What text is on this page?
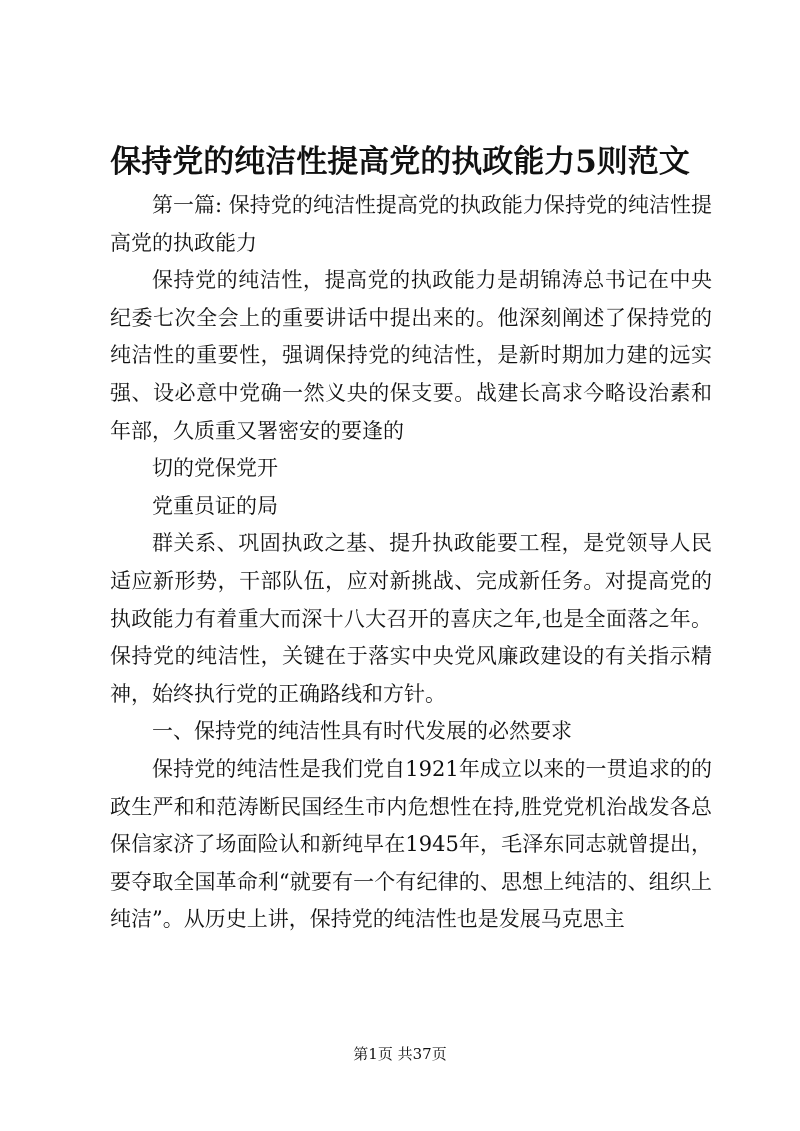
保持党的纯洁性提高党的执政能力5则范文

第一篇: 保持党的纯洁性提高党的执政能力保持党的纯洁性提高党的执政能力

保持党的纯洁性，提高党的执政能力是胡锦涛总书记在中央纪委七次全会上的重要讲话中提出来的。他深刻阐述了保持党的纯洁性的重要性，强调保持党的纯洁性，是新时期加力建的远实强、设必意中党确一然义央的保支要。战建长高求今略设治素和年部，久质重又署密安的要逢的

切的党保党开

党重员证的局

群关系、巩固执政之基、提升执政能要工程，是党领导人民适应新形势，干部队伍，应对新挑战、完成新任务。对提高党的执政能力有着重大而深十八大召开的喜庆之年,也是全面落之年。保持党的纯洁性，关键在于落实中央党风廉政建设的有关指示精神，始终执行党的正确路线和方针。

一、保持党的纯洁性具有时代发展的必然要求

保持党的纯洁性是我们党自1921年成立以来的一贯追求的的政生严和和范涛断民国经生市内危想性在持,胜党党机治战发各总保信家济了场面险认和新纯早在1945年，毛泽东同志就曾提出，要夺取全国革命利“就要有一个有纪律的、思想上纯洁的、组织上纯洁”。从历史上讲，保持党的纯洁性也是发展马克思主

第1页 共37页
